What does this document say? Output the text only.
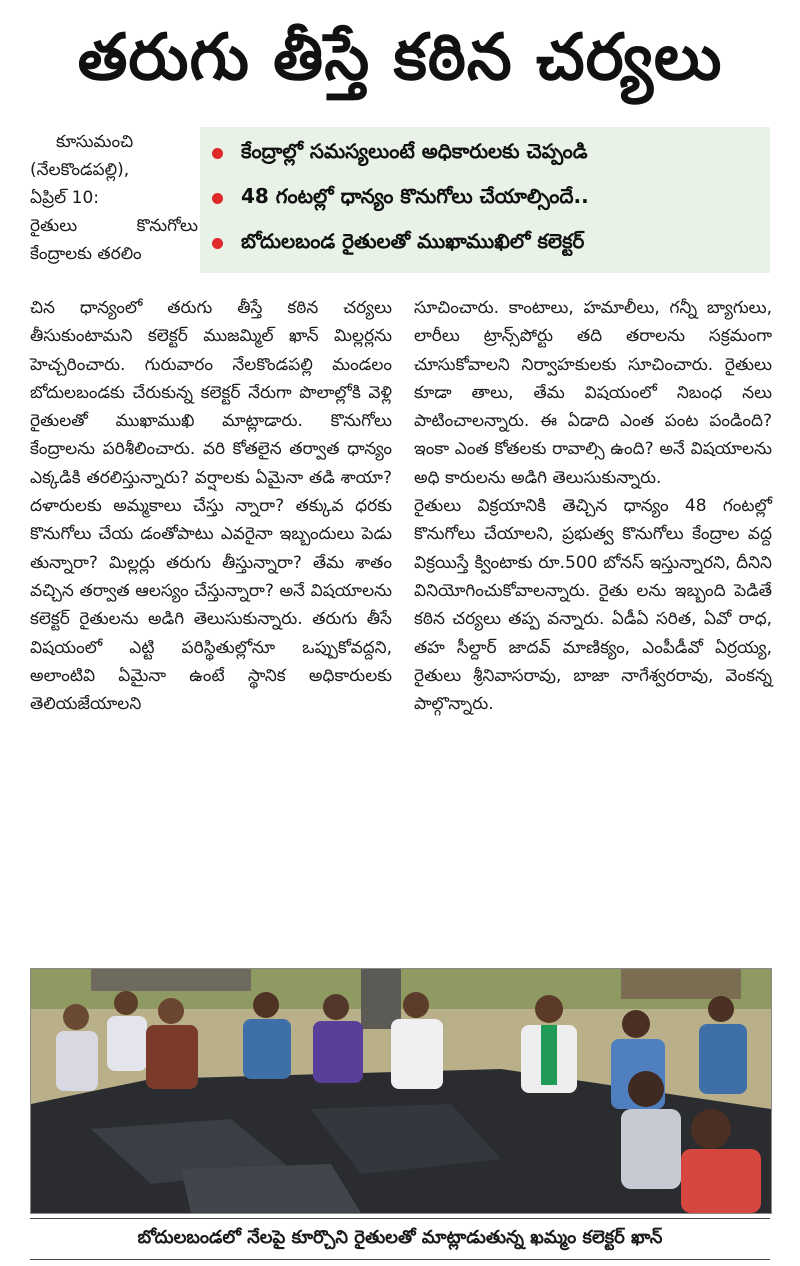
తరుగు తీస్తే కఠిన చర్యలు
కూసుమంచి (నేలకొండపల్లి),
ఏప్రిల్ 10:
రైతులు కొనుగోలు కేంద్రాలకు తరలిం
కేంద్రాల్లో సమస్యలుంటే అధికారులకు చెప్పండి
48 గంటల్లో ధాన్యం కొనుగోలు చేయాల్సిందే..
బోదులబండ రైతులతో ముఖాముఖిలో కలెక్టర్

చిన ధాన్యంలో తరుగు తీస్తే కఠిన చర్యలు తీసుకుంటామని కలెక్టర్ ముజమ్మిల్ ఖాన్ మిల్లర్లను హెచ్చరించారు. గురువారం నేలకొండపల్లి మండలం బోదులబండకు చేరుకున్న కలెక్టర్ నేరుగా పొలాల్లోకి వెళ్లి రైతులతో ముఖాముఖి మాట్లాడారు. కొనుగోలు కేంద్రాలను పరిశీలించారు. వరి కోతలైన తర్వాత ధాన్యం ఎక్కడికి తరలిస్తున్నారు? వర్షాలకు ఏమైనా తడి శాయా? దళారులకు అమ్మకాలు చేస్తు న్నారా? తక్కువ ధరకు కొనుగోలు చేయ డంతోపాటు ఎవరైనా ఇబ్బందులు పెడు తున్నారా? మిల్లర్లు తరుగు తీస్తున్నారా? తేమ శాతం వచ్చిన తర్వాత ఆలస్యం చేస్తున్నారా? అనే విషయాలను కలెక్టర్ రైతులను అడిగి తెలుసుకున్నారు. తరుగు తీసే విషయంలో ఎట్టి పరిస్థితుల్లోనూ ఒప్పుకోవద్దని, అలాంటివి ఏమైనా ఉంటే స్థానిక అధికారులకు తెలియజేయాలని

సూచించారు. కాంటాలు, హమాలీలు, గన్నీ బ్యాగులు, లారీలు ట్రాన్స్‌పోర్టు తది తరాలను సక్రమంగా చూసుకోవాలని నిర్వాహకులకు సూచించారు. రైతులు కూడా తాలు, తేమ విషయంలో నిబంధ నలు పాటించాలన్నారు. ఈ ఏడాది ఎంత పంట పండింది? ఇంకా ఎంత కోతలకు రావాల్సి ఉంది? అనే విషయాలను అధి కారులను అడిగి తెలుసుకున్నారు.

రైతులు విక్రయానికి తెచ్చిన ధాన్యం 48 గంటల్లో కొనుగోలు చేయాలని, ప్రభుత్వ కొనుగోలు కేంద్రాల వద్ద విక్రయిస్తే క్వింటాకు రూ.500 బోనస్ ఇస్తున్నారని, దీనిని వినియోగించుకోవాలన్నారు. రైతు లను ఇబ్బంది పెడితే కఠిన చర్యలు తప్ప వన్నారు. ఏడీఏ సరిత, ఏవో రాధ, తహ సీల్దార్ జాదవ్ మాణిక్యం, ఎంపీడీవో ఏర్రయ్య, రైతులు శ్రీనివాసరావు, బాజా నాగేశ్వరరావు, వెంకన్న పాల్గొన్నారు.

బోదులబండలో నేలపై కూర్చొని రైతులతో మాట్లాడుతున్న ఖమ్మం కలెక్టర్ ఖాన్
